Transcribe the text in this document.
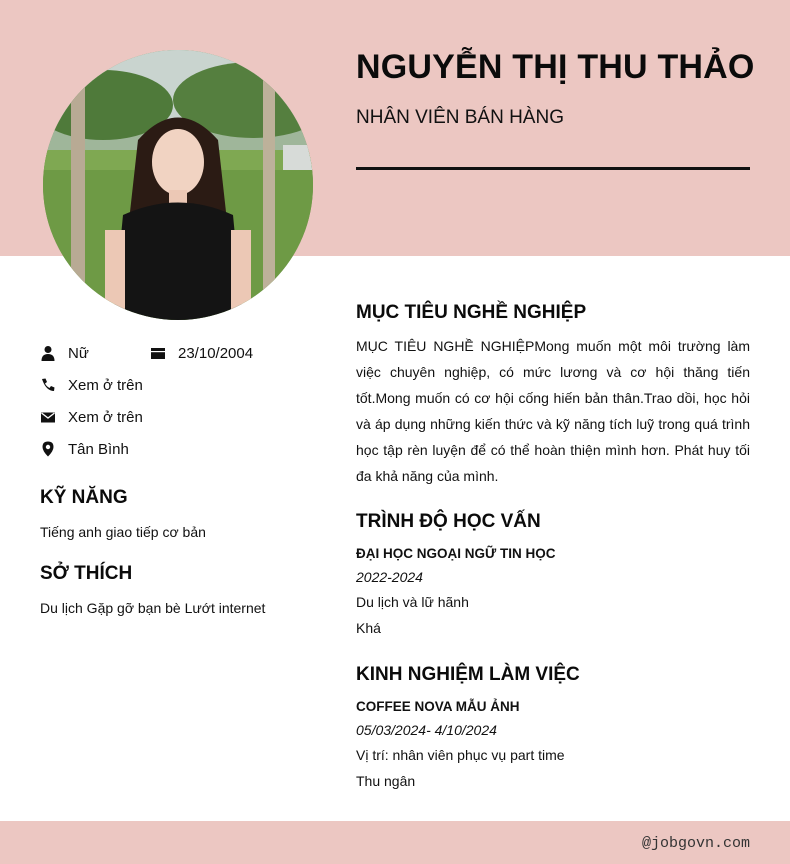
NGUYỄN THỊ THU THẢO
NHÂN VIÊN BÁN HÀNG
Nữ	23/10/2004
Xem ở trên
Xem ở trên
Tân Bình
KỸ NĂNG

Tiếng anh giao tiếp cơ bản

SỞ THÍCH

Du lịch Gặp gỡ bạn bè Lướt internet

MỤC TIÊU NGHỀ NGHIỆP

MỤC TIÊU NGHỀ NGHIỆPMong muốn một môi trường làm việc chuyên nghiệp, có mức lương và cơ hội thăng tiến tốt.Mong muốn có cơ hội cống hiến bản thân.Trao dồi, học hỏi và áp dụng những kiến thức và kỹ năng tích luỹ trong quá trình học tập rèn luyện để có thể hoàn thiện mình hơn. Phát huy tối đa khả năng của mình.

TRÌNH ĐỘ HỌC VẤN

ĐẠI HỌC NGOẠI NGỮ TIN HỌC

2022-2024

Du lịch và lữ hãnh

Khá

KINH NGHIỆM LÀM VIỆC

COFFEE NOVA MẪU ẢNH

05/03/2024- 4/10/2024

Vị trí: nhân viên phục vụ part time

Thu ngân

@jobgovn.com
